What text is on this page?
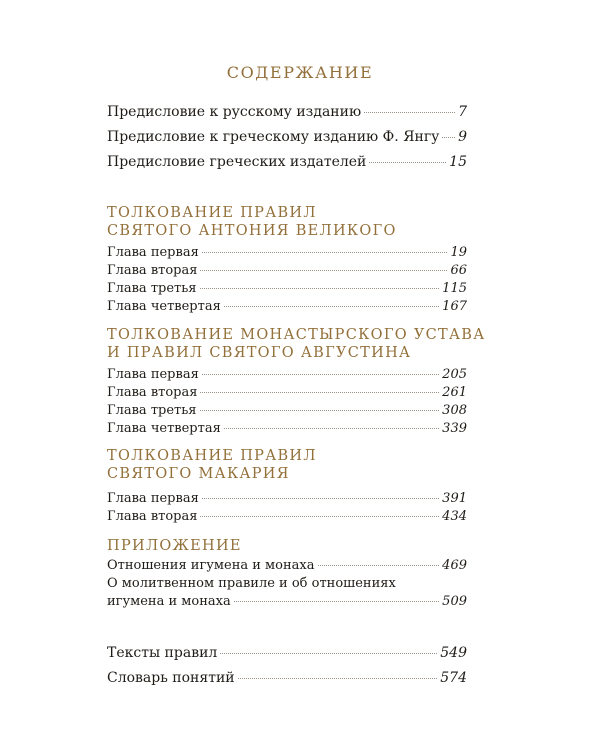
СОДЕРЖАНИЕ
Предисловие к русскому изданию	7
Предисловие к греческому изданию Ф. Янгу 9
Предисловие греческих издателей	15
ТОЛКОВАНИЕ ПРАВИЛ
СВЯТОГО АНТОНИЯ ВЕЛИКОГО
Глава первая	19
Глава вторая	66
Глава третья	115
Глава четвертая	167
ТОЛКОВАНИЕ МОНАСТЫРСКОГО УСТАВА
И ПРАВИЛ СВЯТОГО АВГУСТИНА
Глава первая	205
Глава вторая	261
Глава третья	308
Глава четвертая	339
ТОЛКОВАНИЕ ПРАВИЛ
СВЯТОГО МАКАРИЯ
Глава первая	391
Глава вторая	434
ПРИЛОЖЕНИЕ
Отношения игумена и монаха	469
О молитвенном правиле и об отношениях
игумена и монаха	509
Тексты правил	549
Словарь понятий	574
